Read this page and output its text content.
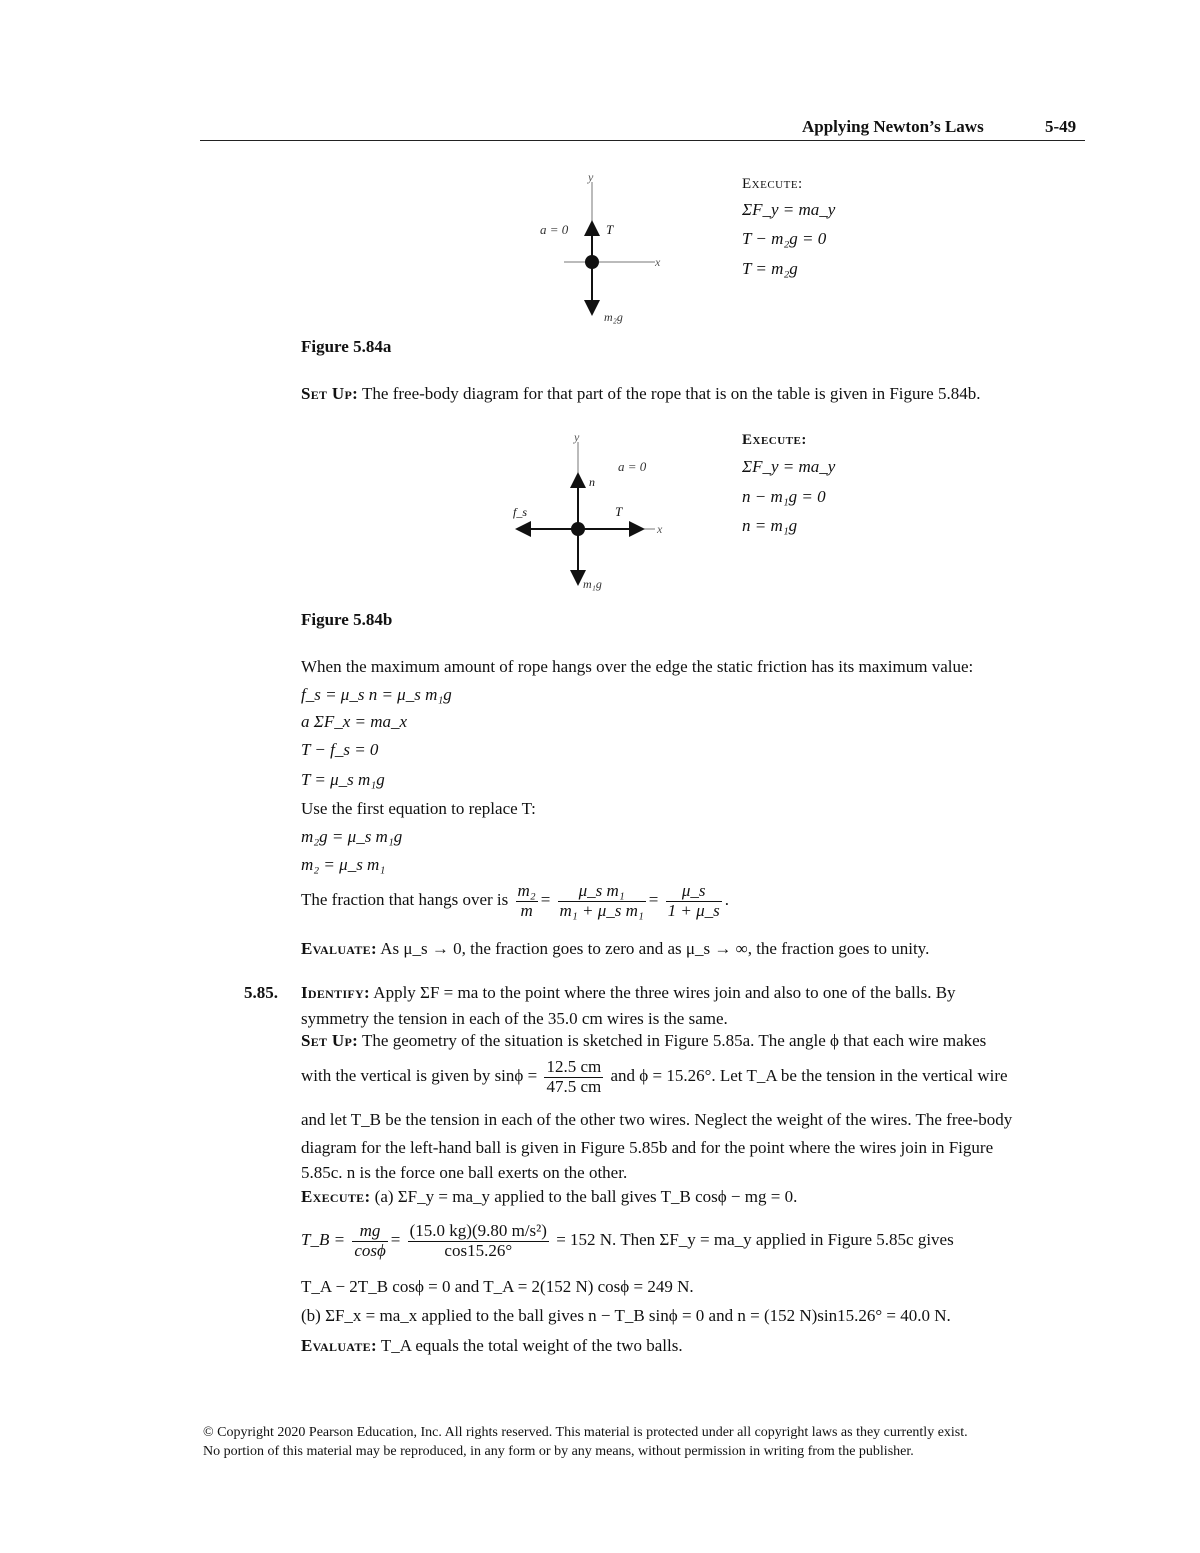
Applying Newton’s Laws	5-49
y
x
a = 0	T
m₂g
Execute:
ΣF_y = ma_y
T − m₂g = 0
T = m₂g
Figure 5.84a
Set Up: The free-body diagram for that part of the rope that is on the table is given in Figure 5.84b.
y
x
a = 0
n
T
f_s
m₁g
Execute:
ΣF_y = ma_y
n − m₁g = 0
n = m₁g
Figure 5.84b
When the maximum amount of rope hangs over the edge the static friction has its maximum value:
f_s = μ_s n = μ_s m₁g
a ΣF_x = ma_x
T − f_s = 0
T = μ_s m₁g
Use the first equation to replace T:
m₂g = μ_s m₁g
m₂ = μ_s m₁
The fraction that hangs over is $\frac{\text{m₂}}{m} = \frac{\text{μ\_s m₁}}{\text{m₁ + μ\_s m₁}} = \frac{\mu\_s}{1 + \mu\_s}$ .
Evaluate: As μ_s → 0, the fraction goes to zero and as μ_s → ∞, the fraction goes to unity.
5.85. Identify: Apply ΣF = ma to the point where the three wires join and also to one of the balls. By
symmetry the tension in each of the 35.0 cm wires is the same.
Set Up: The geometry of the situation is sketched in Figure 5.85a. The angle ϕ that each wire makes
with the vertical is given by $\sin\phi = \frac{12.5 cm}{47.5 cm}$ and ϕ = 15.26°. Let T_A be the tension in the vertical wire
and let T_B be the tension in each of the other two wires. Neglect the weight of the wires. The free-body
diagram for the left-hand ball is given in Figure 5.85b and for the point where the wires join in Figure
5.85c. n is the force one ball exerts on the other.
Execute: (a) ΣF_y = ma_y applied to the ball gives T_B cosϕ − mg = 0.
T_B = $\frac{mg}{\cos\phi} = \frac{\text{(15.0 kg)(9.80 m/s²)}}{\cos 15.26^\circ} = 152$ N. Then ΣF_y = ma_y applied in Figure 5.85c gives
T_A − 2T_B cosϕ = 0 and T_A = 2(152 N) cosϕ = 249 N.
(b) ΣF_x = ma_x applied to the ball gives n − T_B sinϕ = 0 and n = (152 N)sin15.26° = 40.0 N.
Evaluate: T_A equals the total weight of the two balls.
© Copyright 2020 Pearson Education, Inc. All rights reserved. This material is protected under all copyright laws as they currently exist.
No portion of this material may be reproduced, in any form or by any means, without permission in writing from the publisher.
